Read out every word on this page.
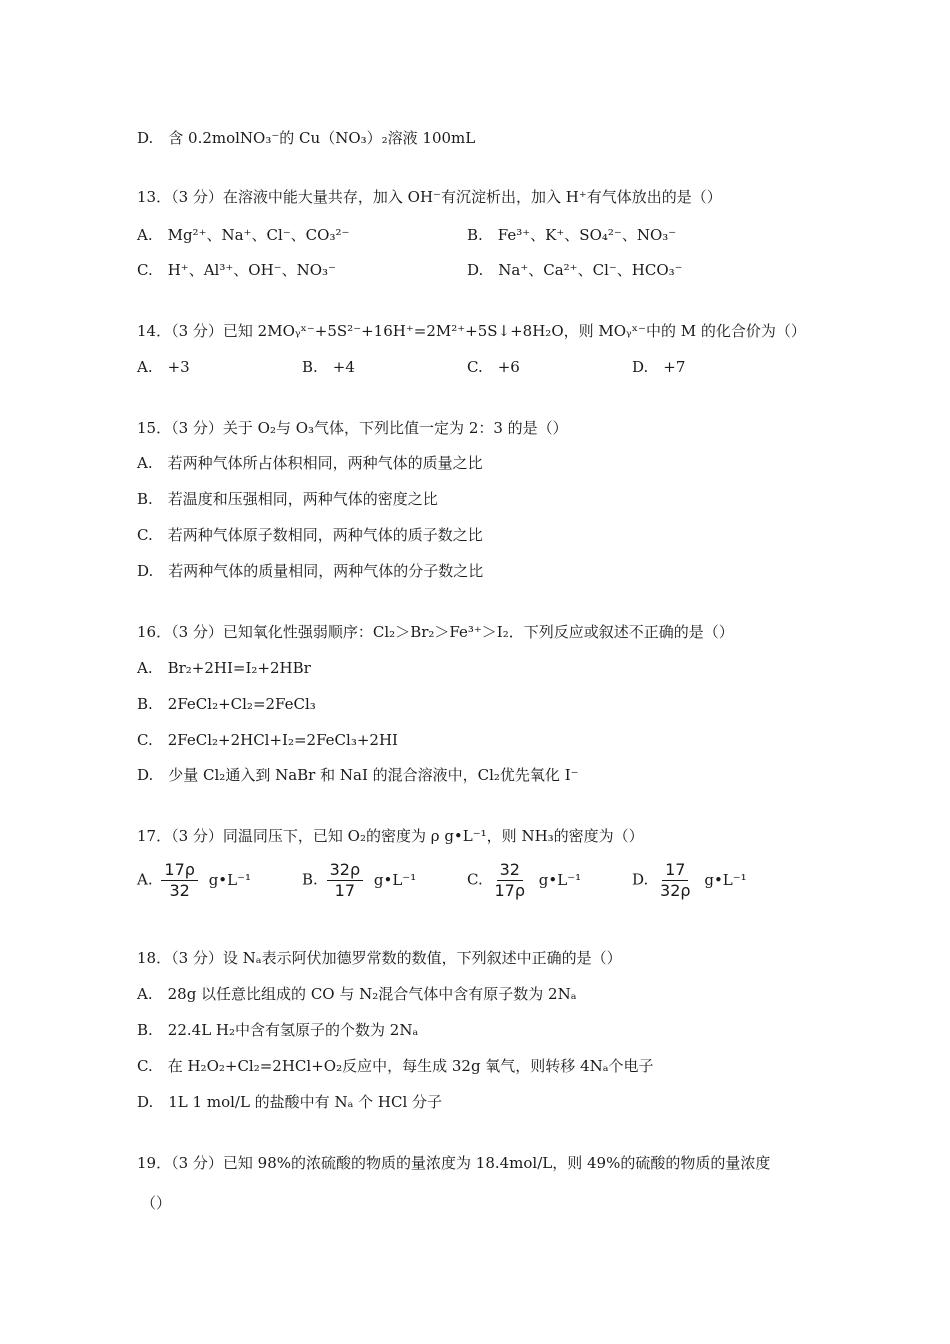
D.　含 0.2molNO₃⁻的 Cu（NO₃）₂溶液 100mL
13．（3 分）在溶液中能大量共存，加入 OH⁻有沉淀析出，加入 H⁺有气体放出的是（）
A.　Mg²⁺、Na⁺、Cl⁻、CO₃²⁻	B.　Fe³⁺、K⁺、SO₄²⁻、NO₃⁻
C.　H⁺、Al³⁺、OH⁻、NO₃⁻	D.　Na⁺、Ca²⁺、Cl⁻、HCO₃⁻
14．（3 分）已知 2MOᵧˣ⁻+5S²⁻+16H⁺=2M²⁺+5S↓+8H₂O，则 MOᵧˣ⁻中的 M 的化合价为（）
A.　+3	B.　+4	C.　+6	D.　+7
15．（3 分）关于 O₂与 O₃气体，下列比值一定为 2：3 的是（）
A.　若两种气体所占体积相同，两种气体的质量之比
B.　若温度和压强相同，两种气体的密度之比
C.　若两种气体原子数相同，两种气体的质子数之比
D.　若两种气体的质量相同，两种气体的分子数之比
16．（3 分）已知氧化性强弱顺序：Cl₂＞Br₂＞Fe³⁺＞I₂．下列反应或叙述不正确的是（）
A.　Br₂+2HI=I₂+2HBr
B.　2FeCl₂+Cl₂=2FeCl₃
C.　2FeCl₂+2HCl+I₂=2FeCl₃+2HI
D.　少量 Cl₂通入到 NaBr 和 NaI 的混合溶液中，Cl₂优先氧化 I⁻
17．（3 分）同温同压下，已知 O₂的密度为 ρ g•L⁻¹，则 NH₃的密度为（）
A. $\frac{17\rho}{32}$ g•L⁻¹	B. $\frac{32\rho}{17}$ g•L⁻¹	C. $\frac{32}{17\rho}$ g•L⁻¹	D. $\frac{17}{32\rho}$ g•L⁻¹
18．（3 分）设 Nₐ表示阿伏加德罗常数的数值，下列叙述中正确的是（）
A.　28g 以任意比组成的 CO 与 N₂混合气体中含有原子数为 2Nₐ
B.　22.4L H₂中含有氢原子的个数为 2Nₐ
C.　在 H₂O₂+Cl₂=2HCl+O₂反应中，每生成 32g 氧气，则转移 4Nₐ个电子
D.　1L 1 mol/L 的盐酸中有 Nₐ 个 HCl 分子
19．（3 分）已知 98%的浓硫酸的物质的量浓度为 18.4mol/L，则 49%的硫酸的物质的量浓度
（）
